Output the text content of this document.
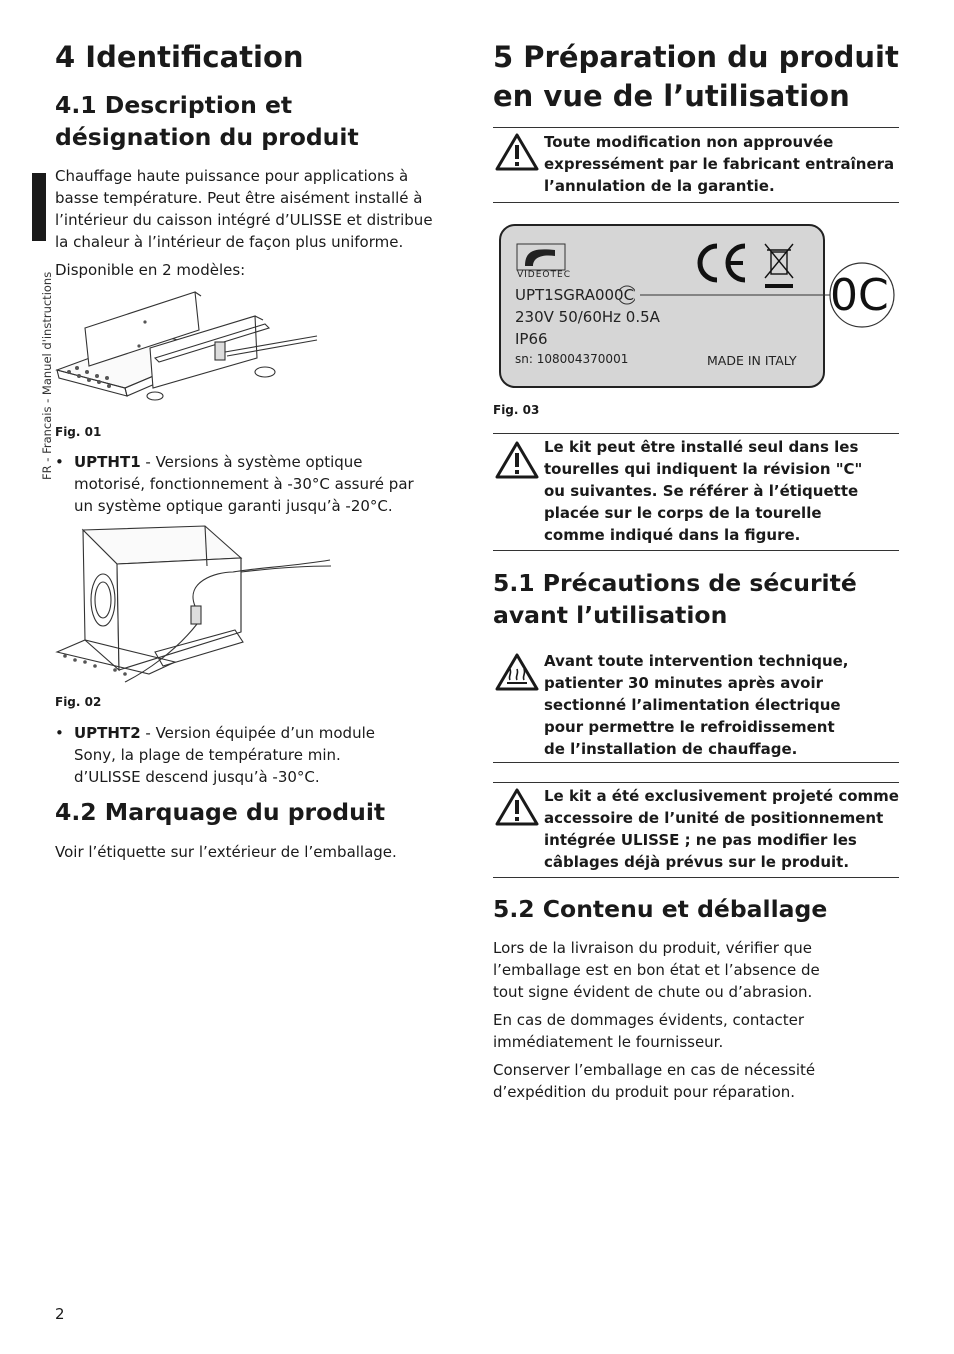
FR - Francais - Manuel d'instructions
4 Identification
4.1 Description et
désignation du produit

Chauffage haute puissance pour applications à

basse température. Peut être aisément installé à

l’intérieur du caisson intégré d’ULISSE et distribue

la chaleur à l’intérieur de façon plus uniforme.

Disponible en 2 modèles:

Fig. 01
• UPTHT1 - Versions à système optique
motorisé, fonctionnement à -30°C assuré par
un système optique garanti jusqu’à -20°C.
Fig. 02
• UPTHT2 - Version équipée d’un module
Sony, la plage de température min.
d’ULISSE descend jusqu’à -30°C.
4.2 Marquage du produit

Voir l’étiquette sur l’extérieur de l’emballage.

5 Préparation du produit
en vue de l’utilisation
Toute modification non approuvée
expressément par le fabricant entraînera
l’annulation de la garantie.
VIDEOTEC
UPT1SGRA000C
230V 50/60Hz 0.5A
IP66
sn: 108004370001	MADE IN ITALY
0C
Fig. 03
Le kit peut être installé seul dans les
tourelles qui indiquent la révision "C"
ou suivantes. Se référer à l’étiquette
placée sur le corps de la tourelle
comme indiqué dans la figure.
5.1 Précautions de sécurité
avant l’utilisation
Avant toute intervention technique,
patienter 30 minutes après avoir
sectionné l’alimentation électrique
pour permettre le refroidissement
de l’installation de chauffage.
Le kit a été exclusivement projeté comme
accessoire de l’unité de positionnement
intégrée ULISSE ; ne pas modifier les
câblages déjà prévus sur le produit.
5.2 Contenu et déballage

Lors de la livraison du produit, vérifier que

l’emballage est en bon état et l’absence de

tout signe évident de chute ou d’abrasion.

En cas de dommages évidents, contacter

immédiatement le fournisseur.

Conserver l’emballage en cas de nécessité

d’expédition du produit pour réparation.

2
